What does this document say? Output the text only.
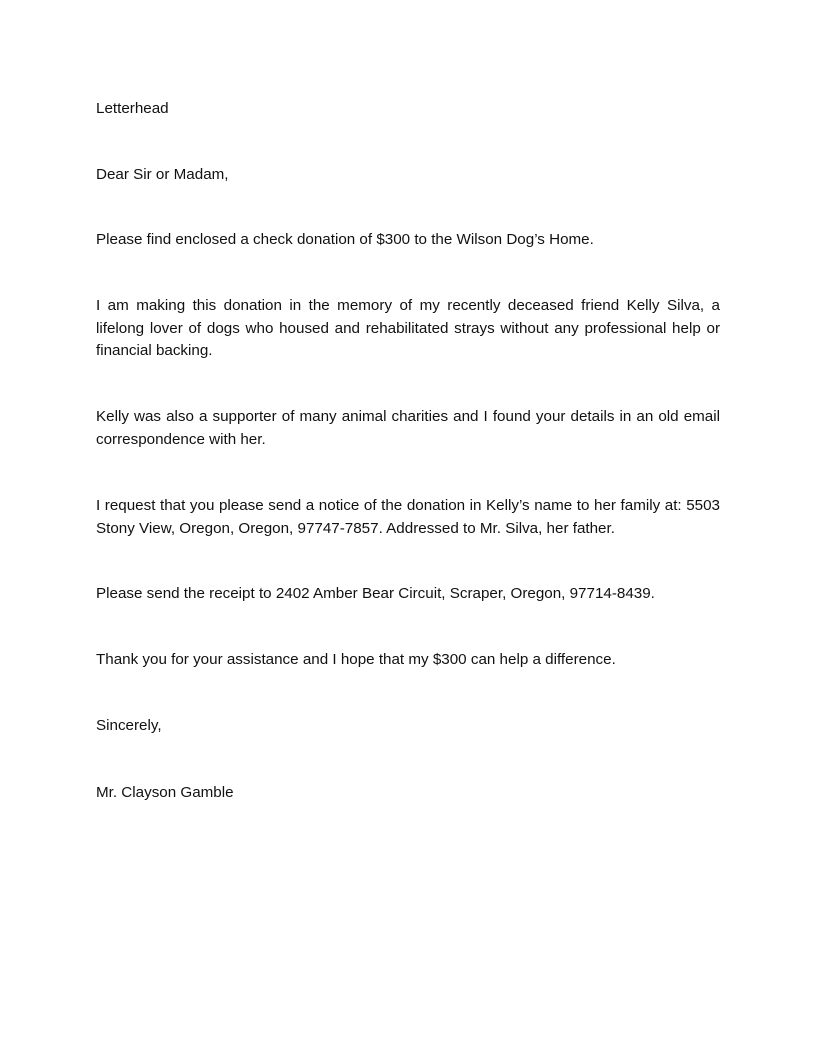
Letterhead

Dear Sir or Madam,

Please find enclosed a check donation of $300 to the Wilson Dog’s Home.

I am making this donation in the memory of my recently deceased friend Kelly Silva, a lifelong lover of dogs who housed and rehabilitated strays without any professional help or financial backing.

Kelly was also a supporter of many animal charities and I found your details in an old email correspondence with her.

I request that you please send a notice of the donation in Kelly’s name to her family at: 5503 Stony View, Oregon, Oregon, 97747-7857. Addressed to Mr. Silva, her father.

Please send the receipt to 2402 Amber Bear Circuit, Scraper, Oregon, 97714-8439.

Thank you for your assistance and I hope that my $300 can help a difference.

Sincerely,

Mr. Clayson Gamble
